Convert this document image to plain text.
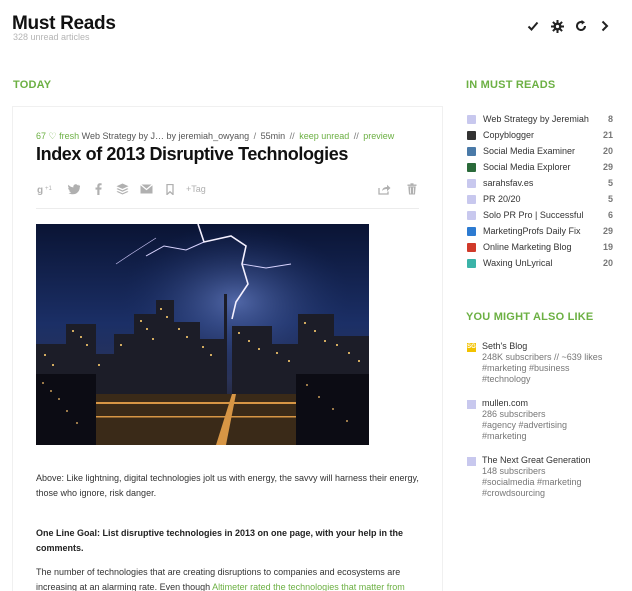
Must Reads
328 unread articles
TODAY	IN MUST READS
YOU MIGHT ALSO LIKE
67 ♡ fresh Web Strategy by J… by jeremiah_owyang / 55min // keep unread // preview
Index of 2013 Disruptive Technologies
g +1	+Tag
Above: Like lightning, digital technologies jolt us with energy, the savvy will harness their energy, those who ignore, risk danger.
One Line Goal: List disruptive technologies in 2013 on one page, with your help in the comments.
The number of technologies that are creating disruptions to companies and ecosystems are increasing at an alarming rate. Even though Altimeter rated the technologies that matter from
Web Strategy by Jeremiah	8
Copyblogger	21
Social Media Examiner	20
Social Media Explorer	29
sarahsfav.es	5
PR 20/20	5
Solo PR Pro | Successful	6
MarketingProfs Daily Fix	29
Online Marketing Blog	19
Waxing UnLyrical	20
SG Seth's Blog
248K subscribers // ~639 likes
#marketing #business
#technology
mullen.com
286 subscribers
#agency #advertising
#marketing
The Next Great Generation
148 subscribers
#socialmedia #marketing
#crowdsourcing
